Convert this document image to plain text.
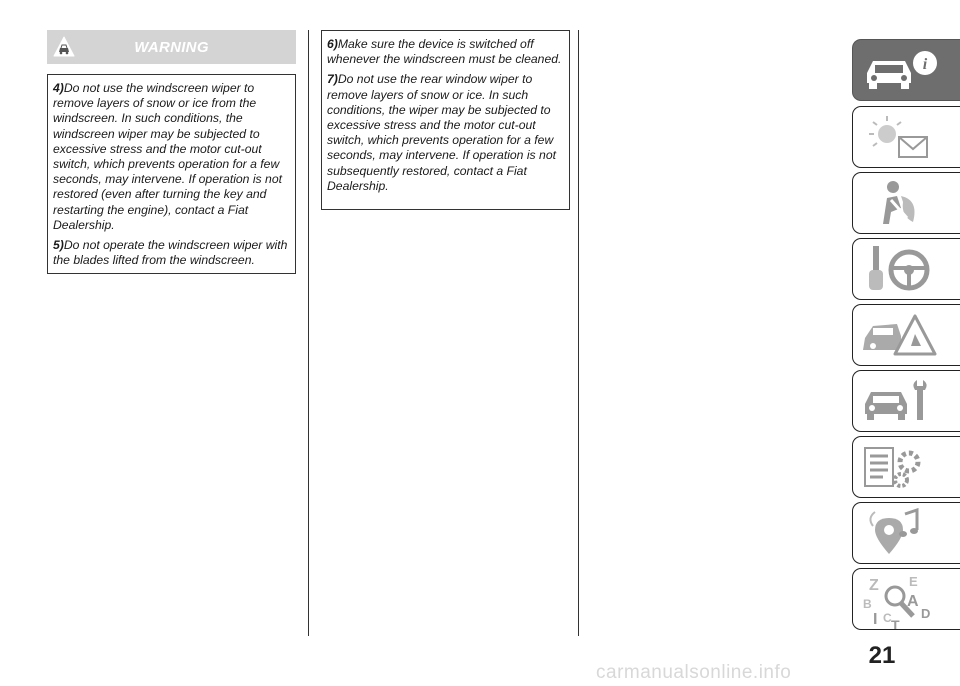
WARNING

4)Do not use the windscreen wiper to remove layers of snow or ice from the windscreen. In such conditions, the windscreen wiper may be subjected to excessive stress and the motor cut-out switch, which prevents operation for a few seconds, may intervene. If operation is not restored (even after turning the key and restarting the engine), contact a Fiat Dealership.

5)Do not operate the windscreen wiper with the blades lifted from the windscreen.

6)Make sure the device is switched off whenever the windscreen must be cleaned.

7)Do not use the rear window wiper to remove layers of snow or ice. In such conditions, the wiper may be subjected to excessive stress and the motor cut-out switch, which prevents operation for a few seconds, may intervene. If operation is not subsequently restored, contact a Fiat Dealership.

i
Z E
B A
I C T
D
21
carmanualsonline.info
